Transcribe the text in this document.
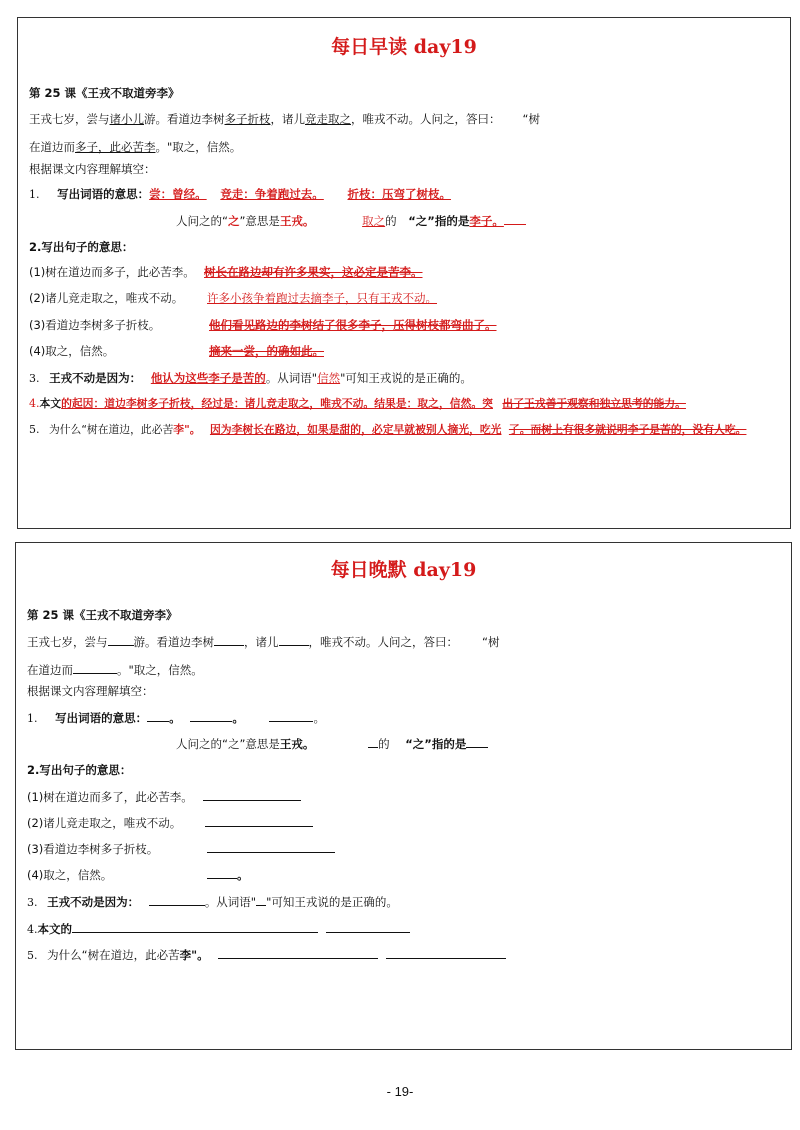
每日早读 day19
第 25 课《王戎不取道旁李》
王戎七岁，尝与诸小儿游。看道边李树多子折枝，诸儿竞走取之，唯戎不动。人问之，答曰： “树
在道边而多子，此必苦李。"取之，信然。
根据课文内容理解填空：
1. 写出词语的意思：尝：曾经。 竞走：争着跑过去。 折枝：压弯了树枝。
人问之的“之”意思是王戎。	取之的 “之”指的是李子。
2.写出句子的意思：
(1)树在道边而多子，此必苦李。 树长在路边却有许多果实，这必定是苦李。
(2)诸儿竞走取之，唯戎不动。 许多小孩争着跑过去摘李子，只有王戎不动。
(3)看道边李树多子折枝。	他们看见路边的李树结了很多李子，压得树枝都弯曲了。
(4)取之，信然。	摘来一尝，的确如此。
3. 王戎不动是因为： 他认为这些李子是苦的。从词语"信然"可知王戎说的是正确的。
4.本文的起因：道边李树多子折枝，经过是：诸儿竞走取之，唯戎不动。结果是：取之，信然。突 出了王戎善于观察和独立思考的能力。
5. 为什么“树在道边，此必苦李"。 因为李树长在路边，如果是甜的，必定早就被别人摘光，吃光 了。而树上有很多就说明李子是苦的，没有人吃。
每日晚默 day19
第 25 课《王戎不取道旁李》
王戎七岁，尝与 游。看道边李树	，诸儿	，唯戎不动。人问之，答曰： “树
在道边而	。"取之，信然。
根据课文内容理解填空：
1. 写出词语的意思： 。	。	。
人问之的“之”意思是王戎。	的 “之”指的是
2.写出句子的意思：
(1)树在道边而多了，此必苦李。
(2)诸儿竞走取之，唯戎不动。
(3)看道边李树多子折枝。
(4)取之，信然。	。
3. 王戎不动是因为：	。从词语" "可知王戎说的是正确的。
4.本文的
5. 为什么“树在道边，此必苦李"。
- 19-
